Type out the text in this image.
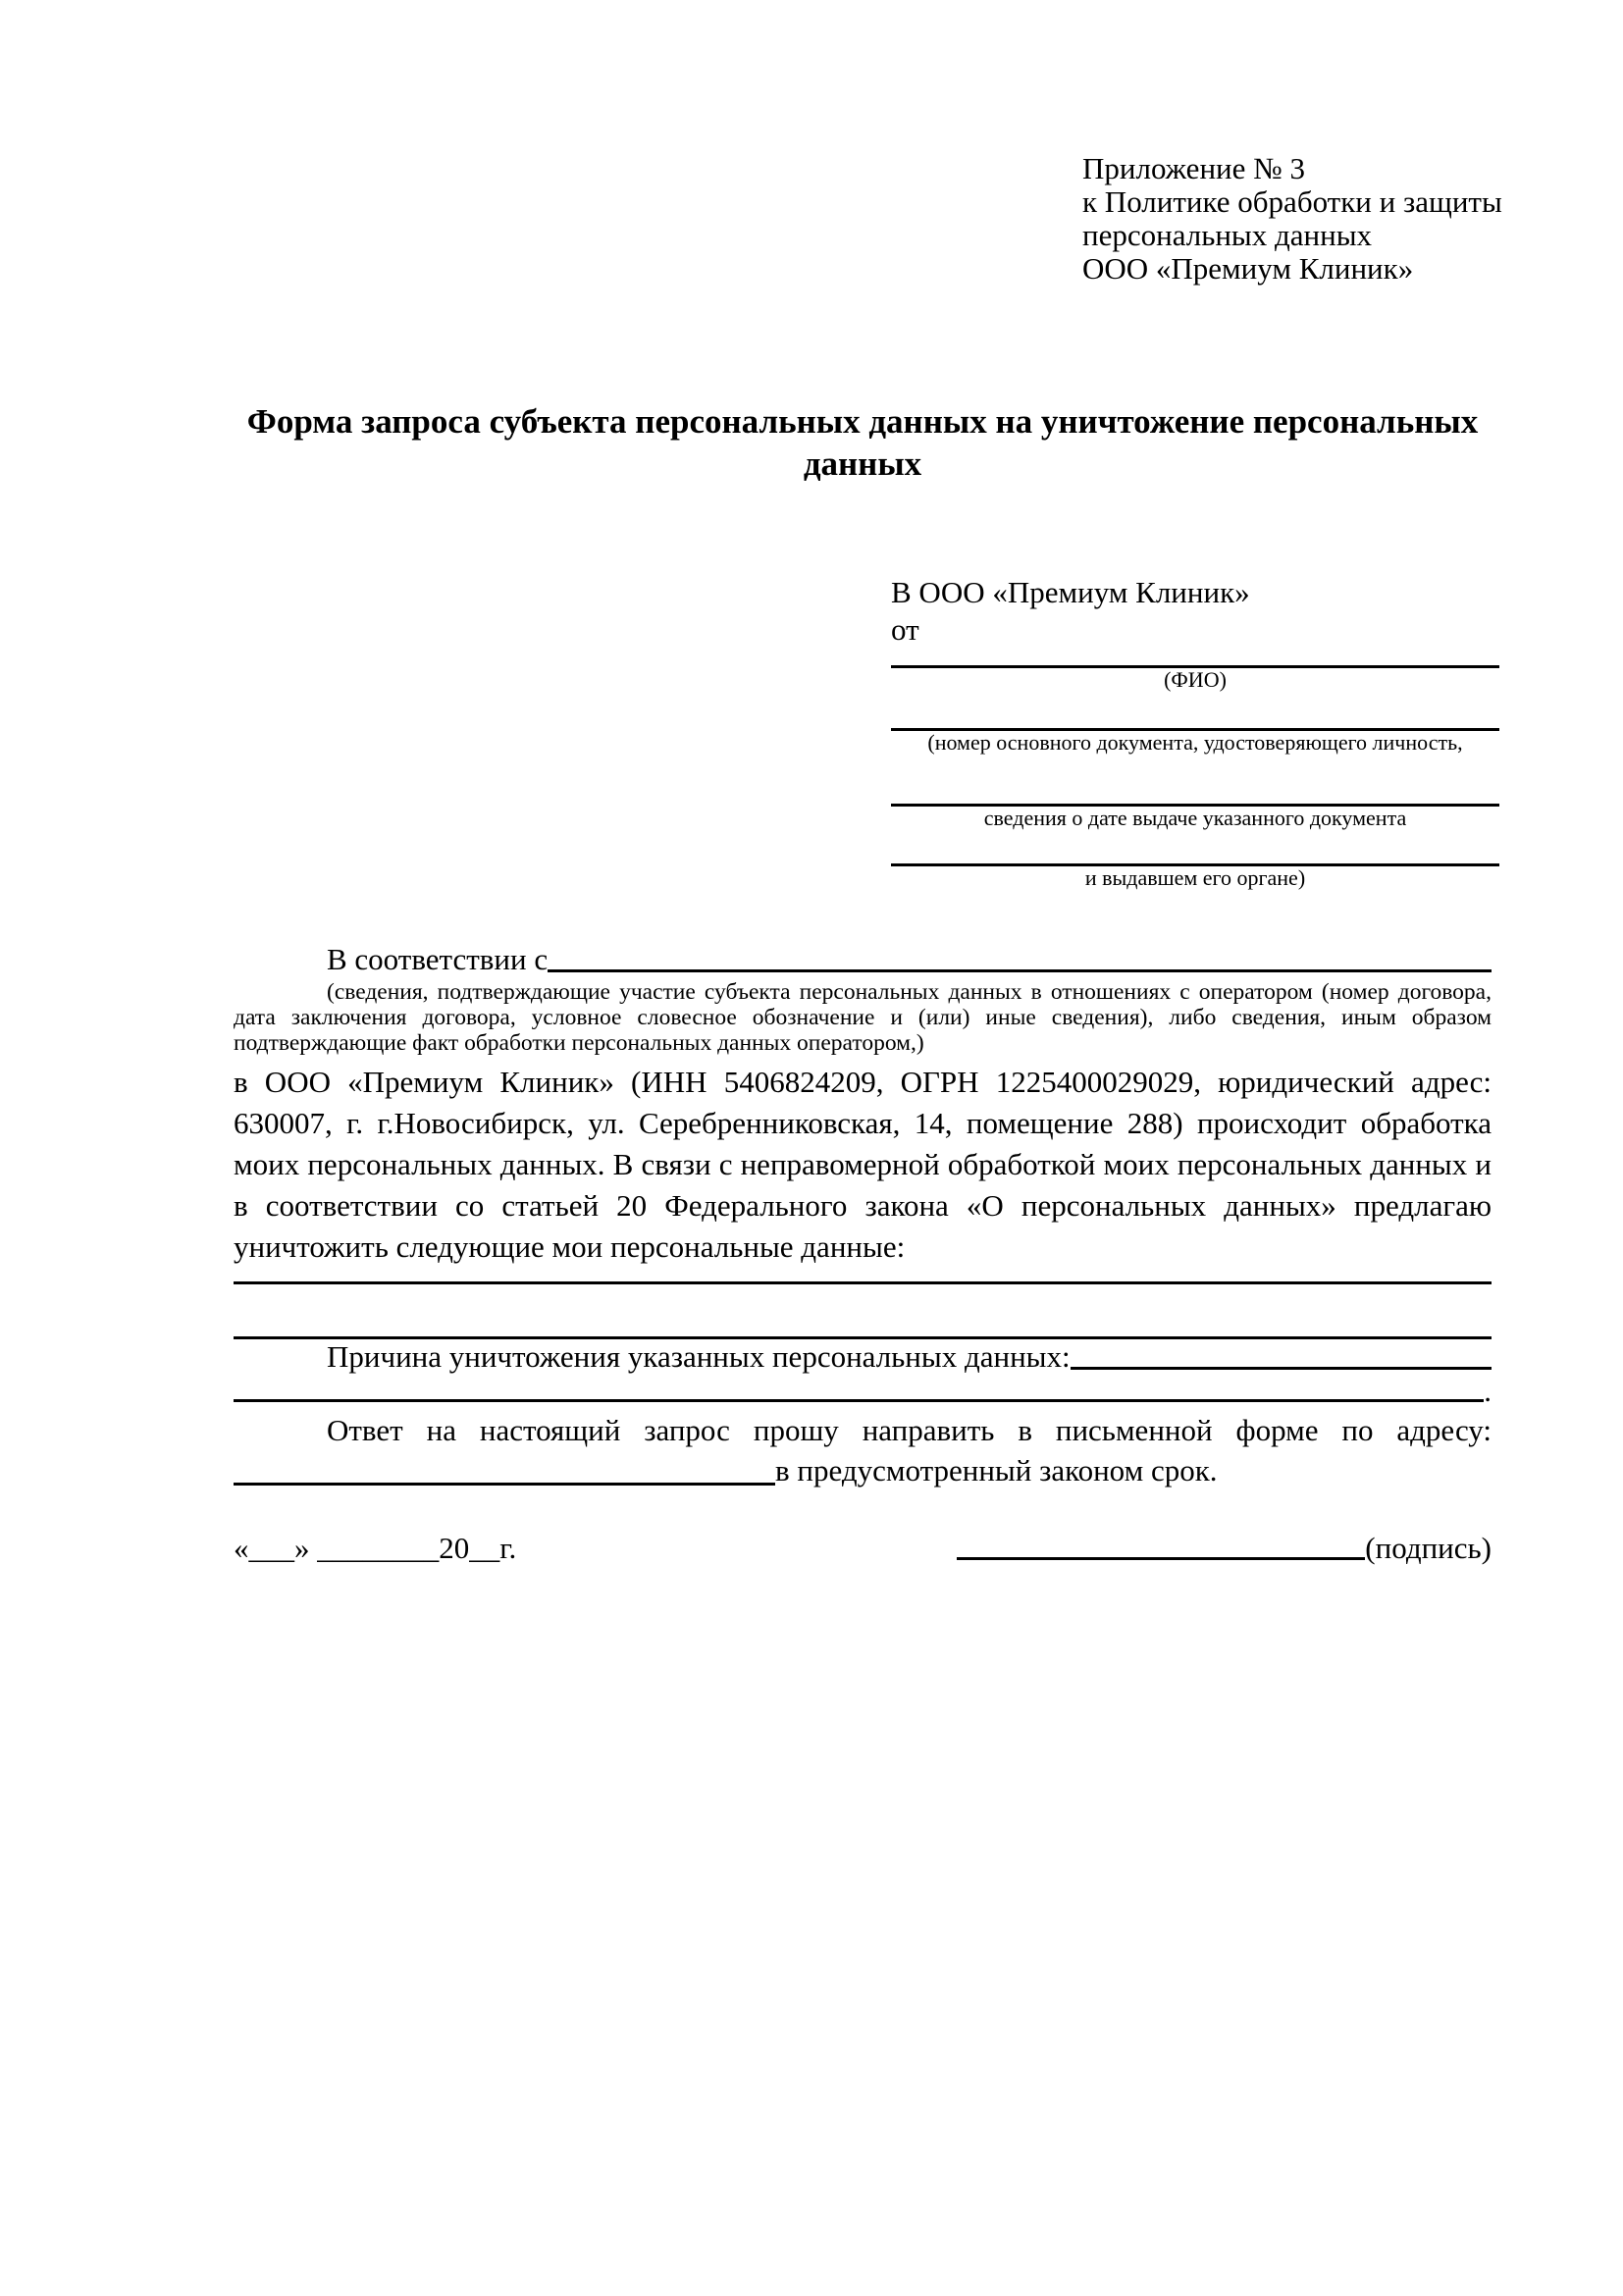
Приложение № 3
к Политике обработки и защиты
персональных данных
ООО «Премиум Клиник»
Форма запроса субъекта персональных данных на уничтожение персональных данных
В ООО «Премиум Клиник»
от
(ФИО)
(номер основного документа, удостоверяющего личность,
сведения о дате выдаче указанного документа
и выдавшем его органе)
В соответствии с

(сведения, подтверждающие участие субъекта персональных данных в отношениях с оператором (номер договора, дата заключения договора, условное словесное обозначение и (или) иные сведения), либо сведения, иным образом подтверждающие факт обработки персональных данных оператором,)

в ООО «Премиум Клиник» (ИНН 5406824209, ОГРН 1225400029029, юридический адрес: 630007, г. г.Новосибирск, ул. Серебренниковская, 14, помещение 288) происходит обработка моих персональных данных. В связи с неправомерной обработкой моих персональных данных и в соответствии со статьей 20 Федерального закона «О персональных данных» предлагаю уничтожить следующие мои персональные данные:

Причина уничтожения указанных персональных данных:
.

Ответ на настоящий запрос прошу направить в письменной форме по адресу:

в предусмотренный законом срок.
«___» ________20__г.	(подпись)
